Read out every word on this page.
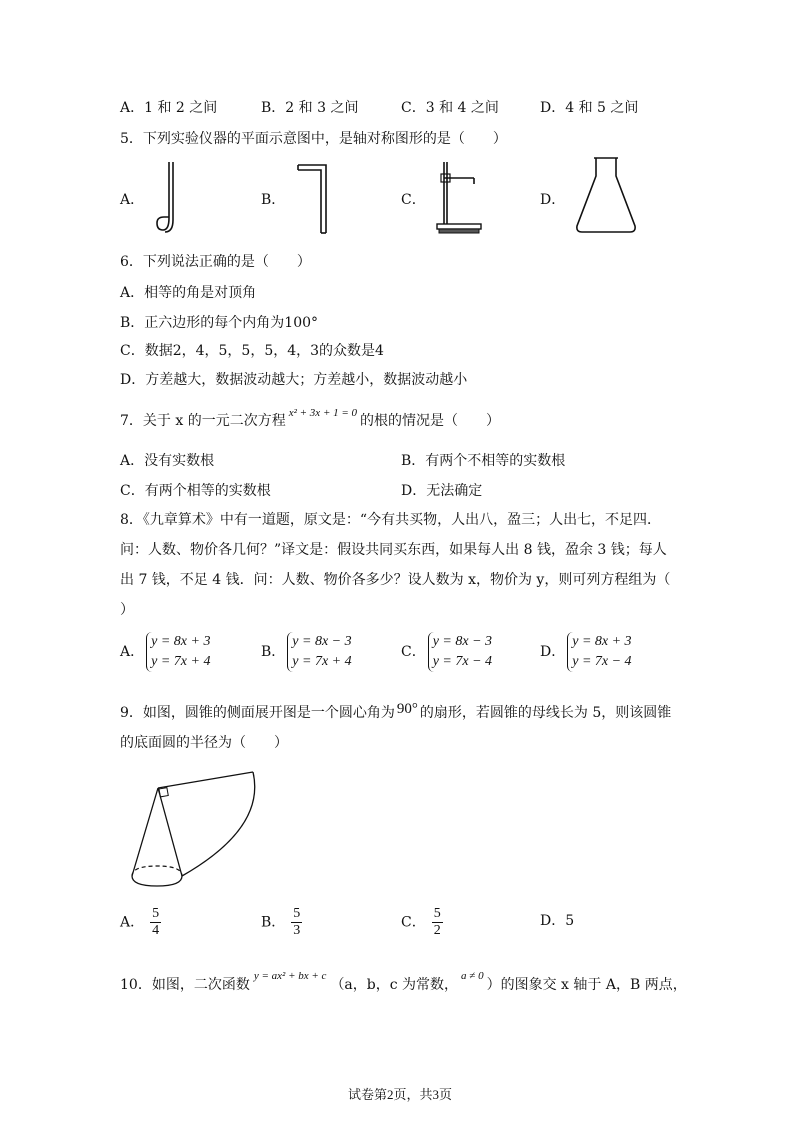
A．1 和 2 之间	B．2 和 3 之间	C．3 和 4 之间	D．4 和 5 之间
5．下列实验仪器的平面示意图中，是轴对称图形的是（　　）
A．	B．	C．	D．
6．下列说法正确的是（　　）
A．相等的角是对顶角
B．正六边形的每个内角为100°
C．数据2，4，5，5，5，4，3的众数是4
D．方差越大，数据波动越大；方差越小，数据波动越小
7．关于 x 的一元二次方程 $^{x^2 + 3x + 1 = 0}$ 的根的情况是（　　）
A．没有实数根	B．有两个不相等的实数根
C．有两个相等的实数根	D．无法确定
8．《九章算术》中有一道题，原文是：“今有共买物，人出八，盈三；人出七，不足四．
问：人数、物价各几何？”译文是：假设共同买东西，如果每人出 8 钱，盈余 3 钱；每人
出 7 钱，不足 4 钱．问：人数、物价各多少？设人数为 x，物价为 y，则可列方程组为（
）
A．
y = 8x + 3
y = 7x + 4
B．
y = 8x − 3
y = 7x + 4
C．
y = 8x − 3
y = 7x − 4
D．
y = 8x + 3
y = 7x − 4
9．如图，圆锥的侧面展开图是一个圆心角为 90° 的扇形，若圆锥的母线长为 5，则该圆锥
的底面圆的半径为（　　）
A． $\frac{5}{4}$	B． $\frac{5}{3}$	C． $\frac{5}{2}$	D．5
10．如图，二次函数$^{y = ax^2 + bx + c}$（a，b，c 为常数，$^{a \ne 0}$）的图象交 x 轴于 A，B 两点，
试卷第2页，共3页
